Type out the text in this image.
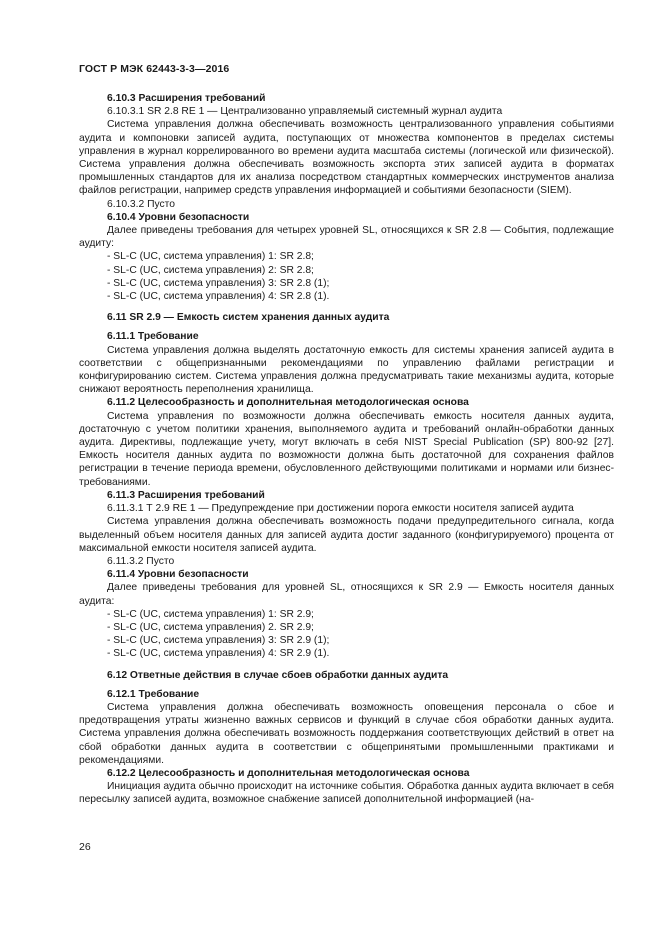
ГОСТ Р МЭК 62443-3-3—2016

6.10.3 Расширения требований

6.10.3.1 SR 2.8 RE 1 — Централизованно управляемый системный журнал аудита

Система управления должна обеспечивать возможность централизованного управления событиями аудита и компоновки записей аудита, поступающих от множества компонентов в пределах системы управления в журнал коррелированного во времени аудита масштаба системы (логической или физической). Система управления должна обеспечивать возможность экспорта этих записей аудита в форматах промышленных стандартов для их анализа посредством стандартных коммерческих инструментов анализа файлов регистрации, например средств управления информацией и событиями безопасности (SIEM).

6.10.3.2 Пусто

6.10.4 Уровни безопасности

Далее приведены требования для четырех уровней SL, относящихся к SR 2.8 — События, подлежащие аудиту:

- SL-C (UC, система управления) 1: SR 2.8;
- SL-C (UC, система управления) 2: SR 2.8;
- SL-C (UC, система управления) 3: SR 2.8 (1);
- SL-C (UC, система управления) 4: SR 2.8 (1).

6.11 SR 2.9 — Емкость систем хранения данных аудита

6.11.1 Требование

Система управления должна выделять достаточную емкость для системы хранения записей аудита в соответствии с общепризнанными рекомендациями по управлению файлами регистрации и конфигурированию систем. Система управления должна предусматривать такие механизмы аудита, которые снижают вероятность переполнения хранилища.

6.11.2 Целесообразность и дополнительная методологическая основа

Система управления по возможности должна обеспечивать емкость носителя данных аудита, достаточную с учетом политики хранения, выполняемого аудита и требований онлайн-обработки данных аудита. Директивы, подлежащие учету, могут включать в себя NIST Special Publication (SP) 800-92 [27]. Емкость носителя данных аудита по возможности должна быть достаточной для сохранения файлов регистрации в течение периода времени, обусловленного действующими политиками и нормами или бизнес-требованиями.

6.11.3 Расширения требований

6.11.3.1 Т 2.9 RE 1 — Предупреждение при достижении порога емкости носителя записей аудита

Система управления должна обеспечивать возможность подачи предупредительного сигнала, когда выделенный объем носителя данных для записей аудита достиг заданного (конфигурируемого) процента от максимальной емкости носителя записей аудита.

6.11.3.2 Пусто

6.11.4 Уровни безопасности

Далее приведены требования для уровней SL, относящихся к SR 2.9 — Емкость носителя данных аудита:

- SL-C (UC, система управления) 1: SR 2.9;
- SL-C (UC, система управления) 2. SR 2.9;
- SL-C (UC, система управления) 3: SR 2.9 (1);
- SL-C (UC, система управления) 4: SR 2.9 (1).

6.12 Ответные действия в случае сбоев обработки данных аудита

6.12.1 Требование

Система управления должна обеспечивать возможность оповещения персонала о сбое и предотвращения утраты жизненно важных сервисов и функций в случае сбоя обработки данных аудита. Система управления должна обеспечивать возможность поддержания соответствующих действий в ответ на сбой обработки данных аудита в соответствии с общепринятыми промышленными практиками и рекомендациями.

6.12.2 Целесообразность и дополнительная методологическая основа

Инициация аудита обычно происходит на источнике события. Обработка данных аудита включает в себя пересылку записей аудита, возможное снабжение записей дополнительной информацией (на-

26
